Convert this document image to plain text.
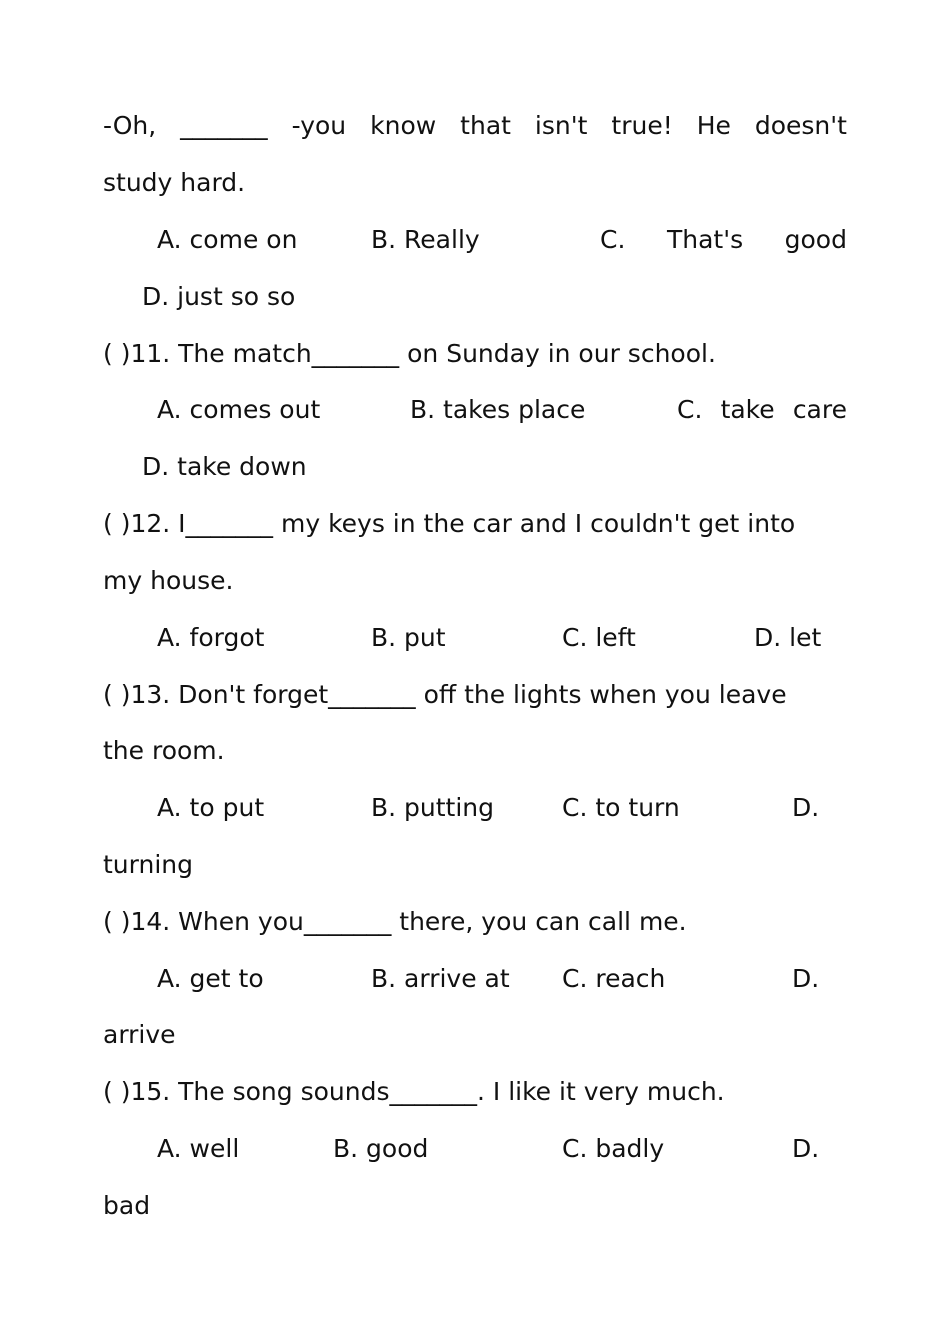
-Oh, _______ -you know that isn't true! He doesn't
study hard.
A. come on	B. Really	C. That's good
D. just so so
( )11. The match_______ on Sunday in our school.
A. comes out	B. takes place	C. take care
D. take down
( )12. I_______ my keys in the car and I couldn't get into
my house.
A. forgot	B. put	C. left	D. let
( )13. Don't forget_______ off the lights when you leave
the room.
A. to put	B. putting	C. to turn	D.
turning
( )14. When you_______ there, you can call me.
A. get to	B. arrive at C. reach	D.
arrive
( )15. The song sounds_______. I like it very much.
A. well	B. good	C. badly	D.
bad
